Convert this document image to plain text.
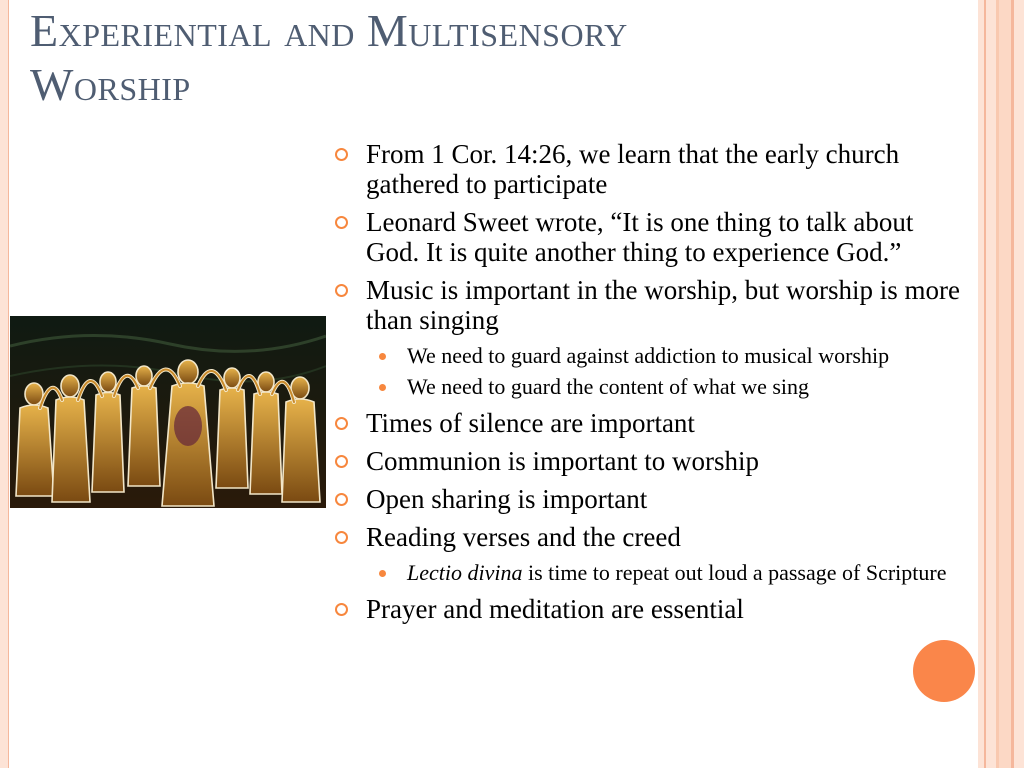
Experiential and Multisensory
Worship
From 1 Cor. 14:26, we learn that the early church gathered to participate
Leonard Sweet wrote, “It is one thing to talk about God. It is quite another thing to experience God.”
Music is important in the worship, but worship is more than singing
We need to guard against addiction to musical worship
We need to guard the content of what we sing
Times of silence are important
Communion is important to worship
Open sharing is important
Reading verses and the creed
Lectio divina is time to repeat out loud a passage of Scripture
Prayer and meditation are essential
